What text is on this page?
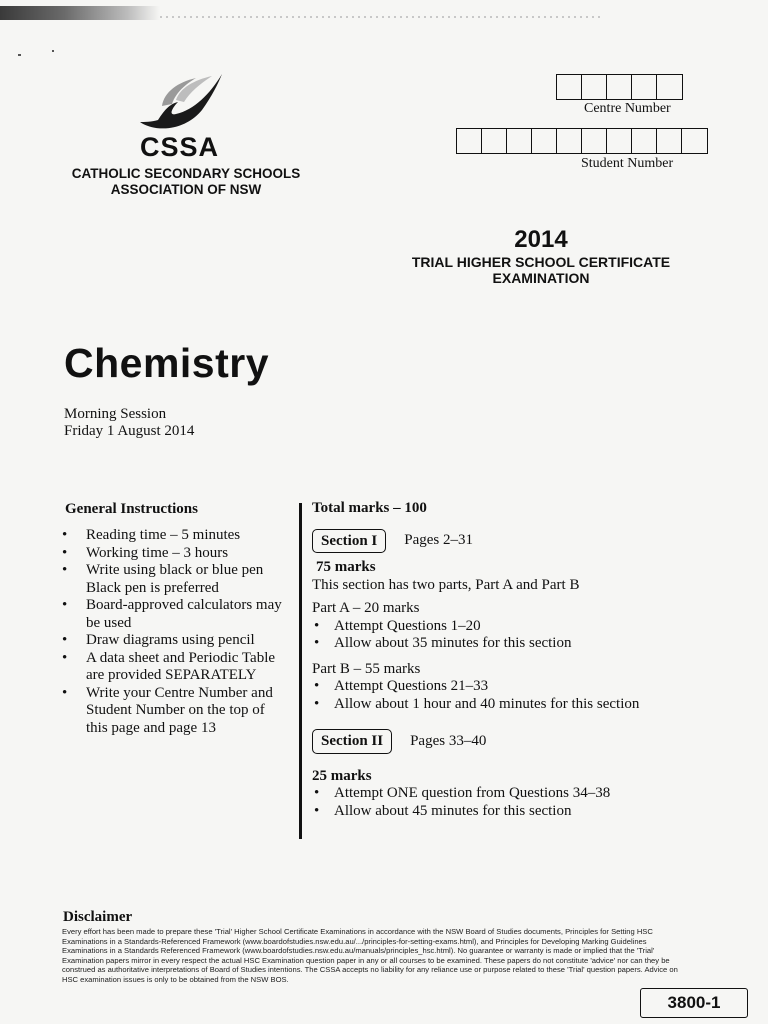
CSSA
CATHOLIC SECONDARY SCHOOLS
ASSOCIATION OF NSW
Centre Number
Student Number
2014
TRIAL HIGHER SCHOOL CERTIFICATE
EXAMINATION
Chemistry
Morning Session
Friday 1 August 2014
General Instructions
• Reading time – 5 minutes
• Working time – 3 hours
• Write using black or blue pen
Black pen is preferred
• Board-approved calculators may
be used
• Draw diagrams using pencil
• A data sheet and Periodic Table
are provided SEPARATELY
• Write your Centre Number and
Student Number on the top of
this page and page 13
Total marks – 100
Section I	Pages 2–31
75 marks
This section has two parts, Part A and Part B
Part A – 20 marks
• Attempt Questions 1–20
• Allow about 35 minutes for this section
Part B – 55 marks
• Attempt Questions 21–33
• Allow about 1 hour and 40 minutes for this section
Section II	Pages 33–40
25 marks
• Attempt ONE question from Questions 34–38
• Allow about 45 minutes for this section
Disclaimer
Every effort has been made to prepare these 'Trial' Higher School Certificate Examinations in accordance with the NSW Board of Studies documents, Principles for Setting HSC Examinations in a Standards-Referenced Framework (www.boardofstudies.nsw.edu.au/.../principles-for-setting-exams.html), and Principles for Developing Marking Guidelines Examinations in a Standards Referenced Framework (www.boardofstudies.nsw.edu.au/manuals/principles_hsc.html). No guarantee or warranty is made or implied that the 'Trial' Examination papers mirror in every respect the actual HSC Examination question paper in any or all courses to be examined. These papers do not constitute 'advice' nor can they be construed as authoritative interpretations of Board of Studies intentions. The CSSA accepts no liability for any reliance use or purpose related to these 'Trial' question papers. Advice on HSC examination issues is only to be obtained from the NSW BOS.
3800-1
